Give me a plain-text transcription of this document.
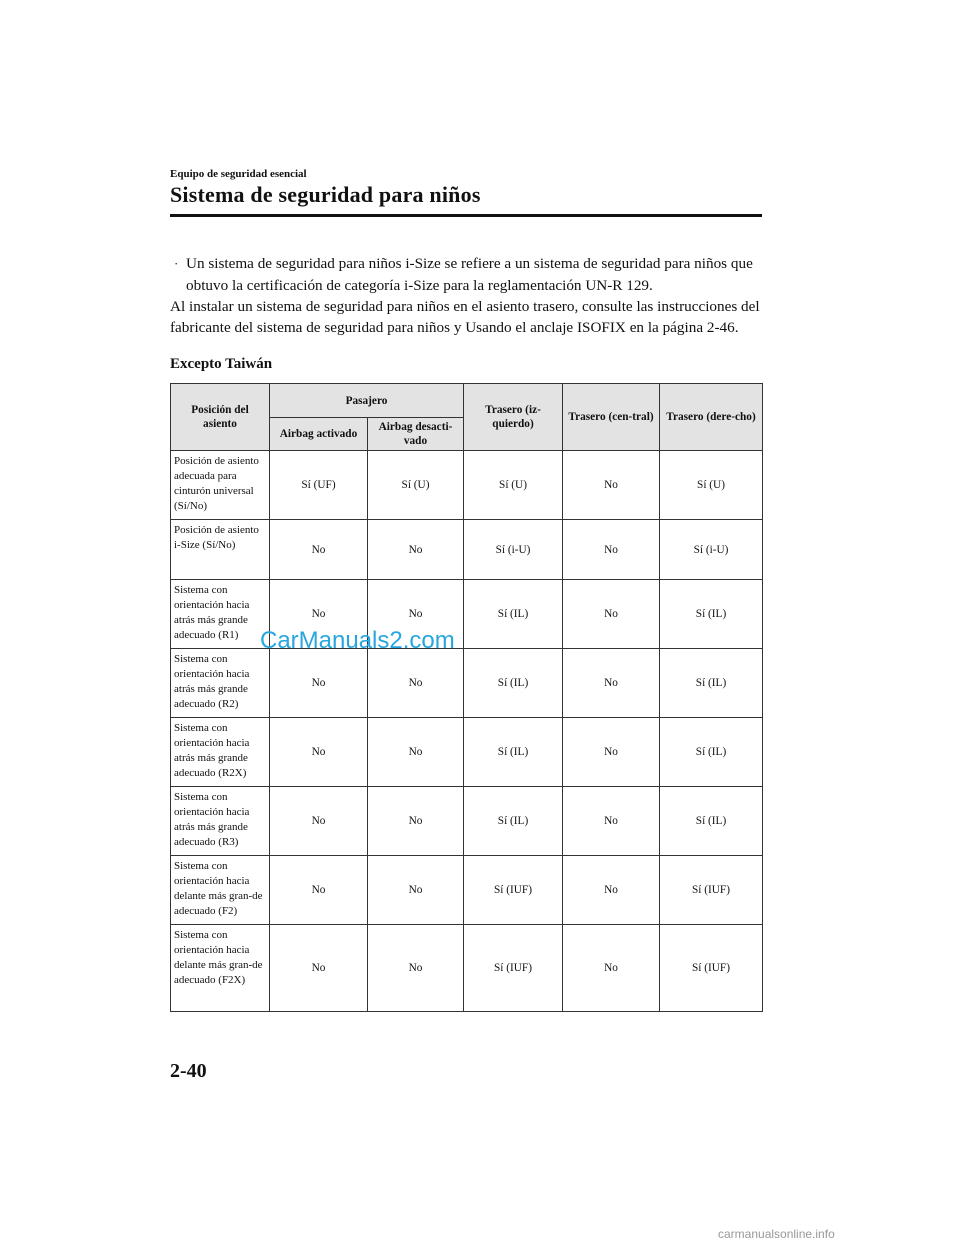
Equipo de seguridad esencial
Sistema de seguridad para niños
· Un sistema de seguridad para niños i-Size se refiere a un sistema de seguridad para niños que obtuvo la certificación de categoría i-Size para la reglamentación UN-R 129.
Al instalar un sistema de seguridad para niños en el asiento trasero, consulte las instrucciones del fabricante del sistema de seguridad para niños y Usando el anclaje ISOFIX en la página 2-46.
Excepto Taiwán
Posición del asiento	Pasajero		Trasero (iz-quierdo)	Trasero (cen-tral)	Trasero (dere-cho)
	Airbag activado	Airbag desacti-vado			
Posición de asiento adecuada para cinturón universal (Sí/No)	Sí (UF)	Sí (U)	Sí (U)	No	Sí (U)
Posición de asiento i-Size (Sí/No)	No	No	Sí (i-U)	No	Sí (i-U)
Sistema con orientación hacia atrás más grande adecuado (R1)	No	No	Sí (IL)	No	Sí (IL)
Sistema con orientación hacia atrás más grande adecuado (R2)	No	No	Sí (IL)	No	Sí (IL)
Sistema con orientación hacia atrás más grande adecuado (R2X)	No	No	Sí (IL)	No	Sí (IL)
Sistema con orientación hacia atrás más grande adecuado (R3)	No	No	Sí (IL)	No	Sí (IL)
Sistema con orientación hacia delante más gran-de adecuado (F2)	No	No	Sí (IUF)	No	Sí (IUF)
Sistema con orientación hacia delante más gran-de adecuado (F2X)	No	No	Sí (IUF)	No	Sí (IUF)
CarManuals2.com
2-40
carmanualsonline.info
